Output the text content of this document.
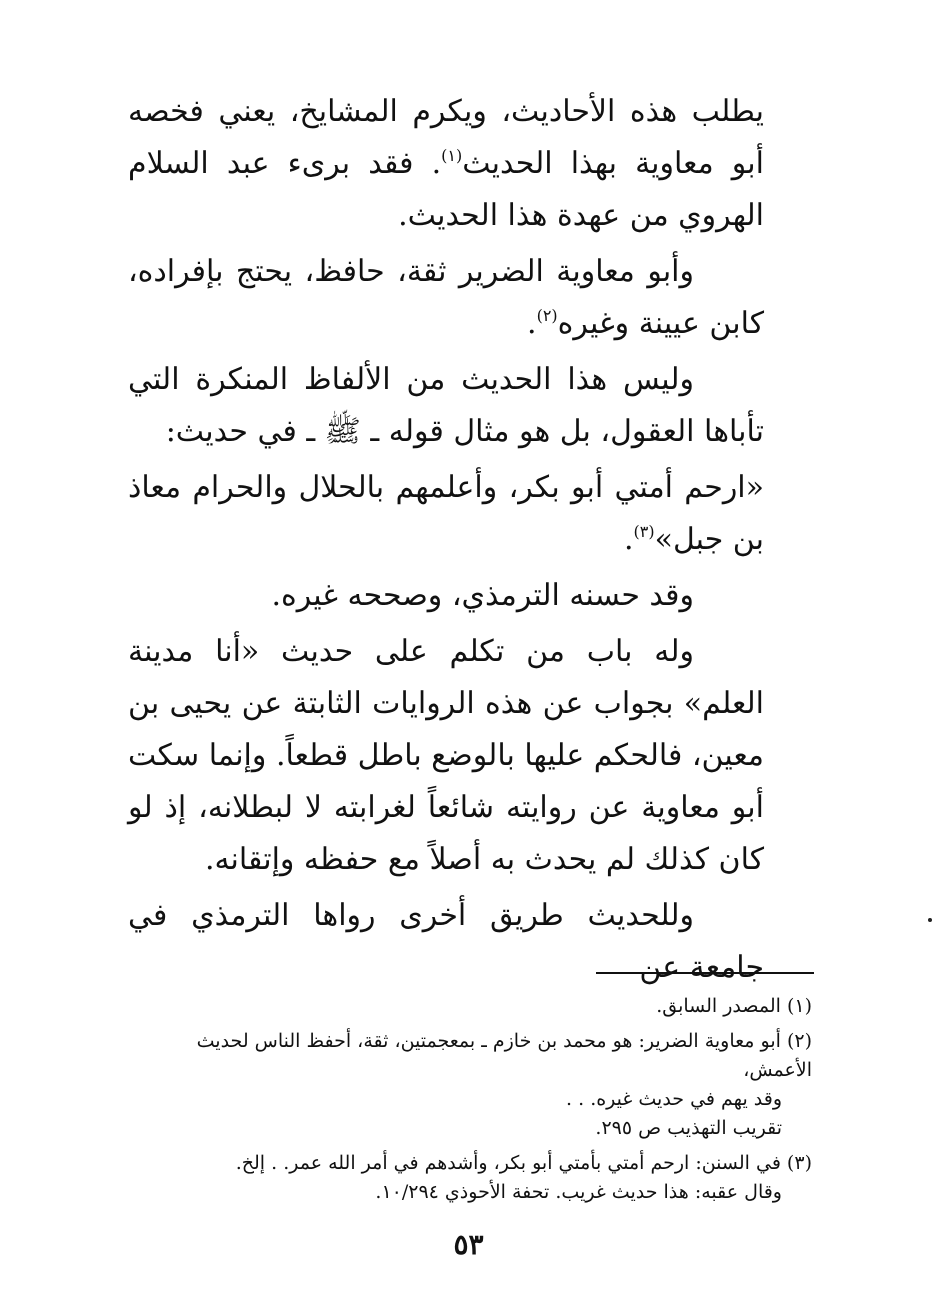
يطلب هذه الأحاديث، ويكرم المشايخ، يعني فخصه أبو معاوية بهذا الحديث$^{(١)}$. فقد برىء عبد السلام الهروي من عهدة هذا الحديث.

وأبو معاوية الضرير ثقة، حافظ، يحتج بإفراده، كابن عيينة وغيره$^{(٢)}$.

وليس هذا الحديث من الألفاظ المنكرة التي تأباها العقول، بل هو مثال قوله ـ ﷺ ـ في حديث:

«ارحم أمتي أبو بكر، وأعلمهم بالحلال والحرام معاذ بن جبل»$^{(٣)}$.

وقد حسنه الترمذي، وصححه غيره.

وله باب من تكلم على حديث «أنا مدينة العلم» بجواب عن هذه الروايات الثابتة عن يحيى بن معين، فالحكم عليها بالوضع باطل قطعاً. وإنما سكت أبو معاوية عن روايته شائعاً لغرابته لا لبطلانه، إذ لو كان كذلك لم يحدث به أصلاً مع حفظه وإتقانه.

وللحديث طريق أخرى رواها الترمذي في جامعة عن

(١) المصدر السابق.
(٢) أبو معاوية الضرير: هو محمد بن خازم ـ بمعجمتين، ثقة، أحفظ الناس لحديث الأعمش،
وقد يهم في حديث غيره. . .
تقريب التهذيب ص ٢٩٥.
(٣) في السنن: ارحم أمتي بأمتي أبو بكر، وأشدهم في أمر الله عمر. . إلخ.
وقال عقبه: هذا حديث غريب. تحفة الأحوذي ١٠/٢٩٤.
٥٣
